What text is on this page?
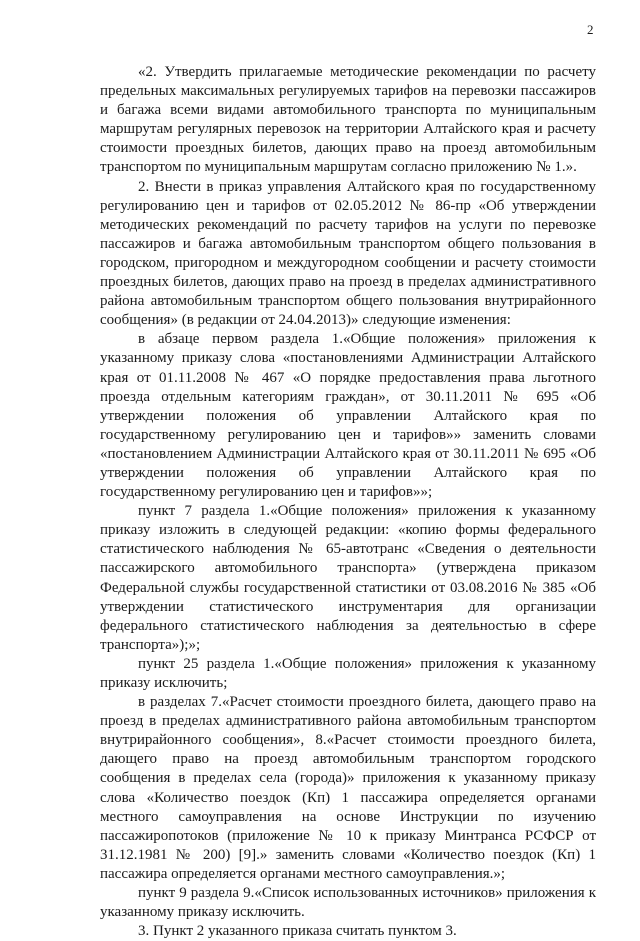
2

«2. Утвердить прилагаемые методические рекомендации по расчету предельных максимальных регулируемых тарифов на перевозки пассажиров и багажа всеми видами автомобильного транспорта по муниципальным маршрутам регулярных перевозок на территории Алтайского края и расчету стоимости проездных билетов, дающих право на проезд автомобильным транспортом по муниципальным маршрутам согласно приложению № 1.».

2. Внести в приказ управления Алтайского края по государственному регулированию цен и тарифов от 02.05.2012 № 86-пр «Об утверждении методических рекомендаций по расчету тарифов на услуги по перевозке пассажиров и багажа автомобильным транспортом общего пользования в городском, пригородном и междугородном сообщении и расчету стоимости проездных билетов, дающих право на проезд в пределах административного района автомобильным транспортом общего пользования внутрирайонного сообщения» (в редакции от 24.04.2013)» следующие изменения:

в абзаце первом раздела 1.«Общие положения» приложения к указанному приказу слова «постановлениями Администрации Алтайского края от 01.11.2008 № 467 «О порядке предоставления права льготного проезда отдельным категориям граждан», от 30.11.2011 № 695 «Об утверждении положения об управлении Алтайского края по государственному регулированию цен и тарифов»» заменить словами «постановлением Администрации Алтайского края от 30.11.2011 № 695 «Об утверждении положения об управлении Алтайского края по государственному регулированию цен и тарифов»»;

пункт 7 раздела 1.«Общие положения» приложения к указанному приказу изложить в следующей редакции: «копию формы федерального статистического наблюдения № 65-автотранс «Сведения о деятельности пассажирского автомобильного транспорта» (утверждена приказом Федеральной службы государственной статистики от 03.08.2016 № 385 «Об утверждении статистического инструментария для организации федерального статистического наблюдения за деятельностью в сфере транспорта»);»;

пункт 25 раздела 1.«Общие положения» приложения к указанному приказу исключить;

в разделах 7.«Расчет стоимости проездного билета, дающего право на проезд в пределах административного района автомобильным транспортом внутрирайонного сообщения», 8.«Расчет стоимости проездного билета, дающего право на проезд автомобильным транспортом городского сообщения в пределах села (города)» приложения к указанному приказу слова «Количество поездок (Кп) 1 пассажира определяется органами местного самоуправления на основе Инструкции по изучению пассажиропотоков (приложение № 10 к приказу Минтранса РСФСР от 31.12.1981 № 200) [9].» заменить словами «Количество поездок (Кп) 1 пассажира определяется органами местного самоуправления.»;

пункт 9 раздела 9.«Список использованных источников» приложения к указанному приказу исключить.

3. Пункт 2 указанного приказа считать пунктом 3.
